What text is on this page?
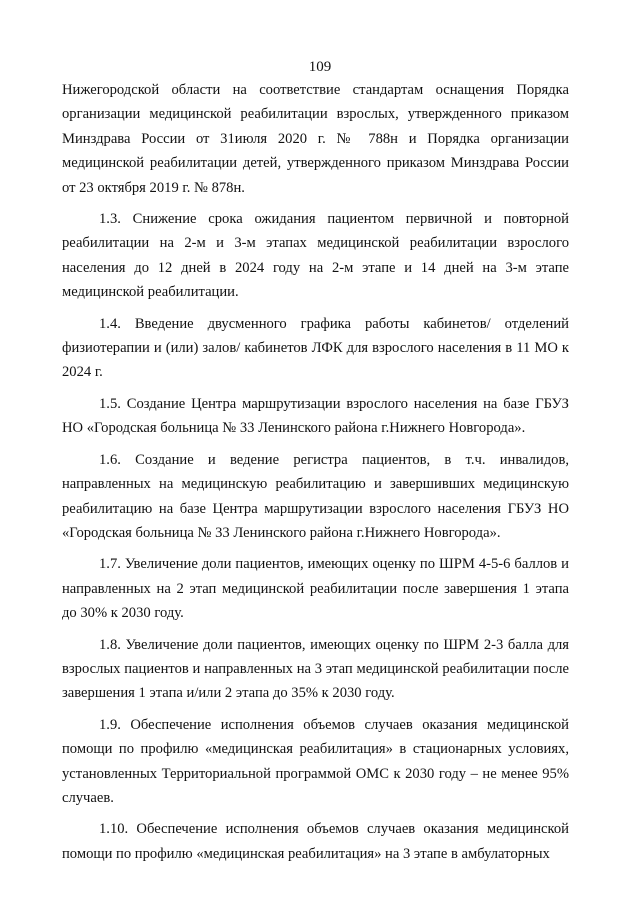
109

Нижегородской области на соответствие стандартам оснащения Порядка организации медицинской реабилитации взрослых, утвержденного приказом Минздрава России от 31июля 2020 г. № 788н и Порядка организации медицинской реабилитации детей, утвержденного приказом Минздрава России от 23 октября 2019 г. № 878н.

1.3. Снижение срока ожидания пациентом первичной и повторной реабилитации на 2-м и 3-м этапах медицинской реабилитации взрослого населения до 12 дней в 2024 году на 2-м этапе и 14 дней на 3-м этапе медицинской реабилитации.

1.4. Введение двусменного графика работы кабинетов/ отделений физиотерапии и (или) залов/ кабинетов ЛФК для взрослого населения в 11 МО к 2024 г.

1.5. Создание Центра маршрутизации взрослого населения на базе ГБУЗ НО «Городская больница № 33 Ленинского района г.Нижнего Новгорода».

1.6. Создание и ведение регистра пациентов, в т.ч. инвалидов, направленных на медицинскую реабилитацию и завершивших медицинскую реабилитацию на базе Центра маршрутизации взрослого населения ГБУЗ НО «Городская больница № 33 Ленинского района г.Нижнего Новгорода».

1.7. Увеличение доли пациентов, имеющих оценку по ШРМ 4-5-6 баллов и направленных на 2 этап медицинской реабилитации после завершения 1 этапа до 30% к 2030 году.

1.8. Увеличение доли пациентов, имеющих оценку по ШРМ 2-3 балла для взрослых пациентов и направленных на 3 этап медицинской реабилитации после завершения 1 этапа и/или 2 этапа до 35% к 2030 году.

1.9. Обеспечение исполнения объемов случаев оказания медицинской помощи по профилю «медицинская реабилитация» в стационарных условиях, установленных Территориальной программой ОМС к 2030 году – не менее 95% случаев.

1.10. Обеспечение исполнения объемов случаев оказания медицинской помощи по профилю «медицинская реабилитация» на 3 этапе в амбулаторных
